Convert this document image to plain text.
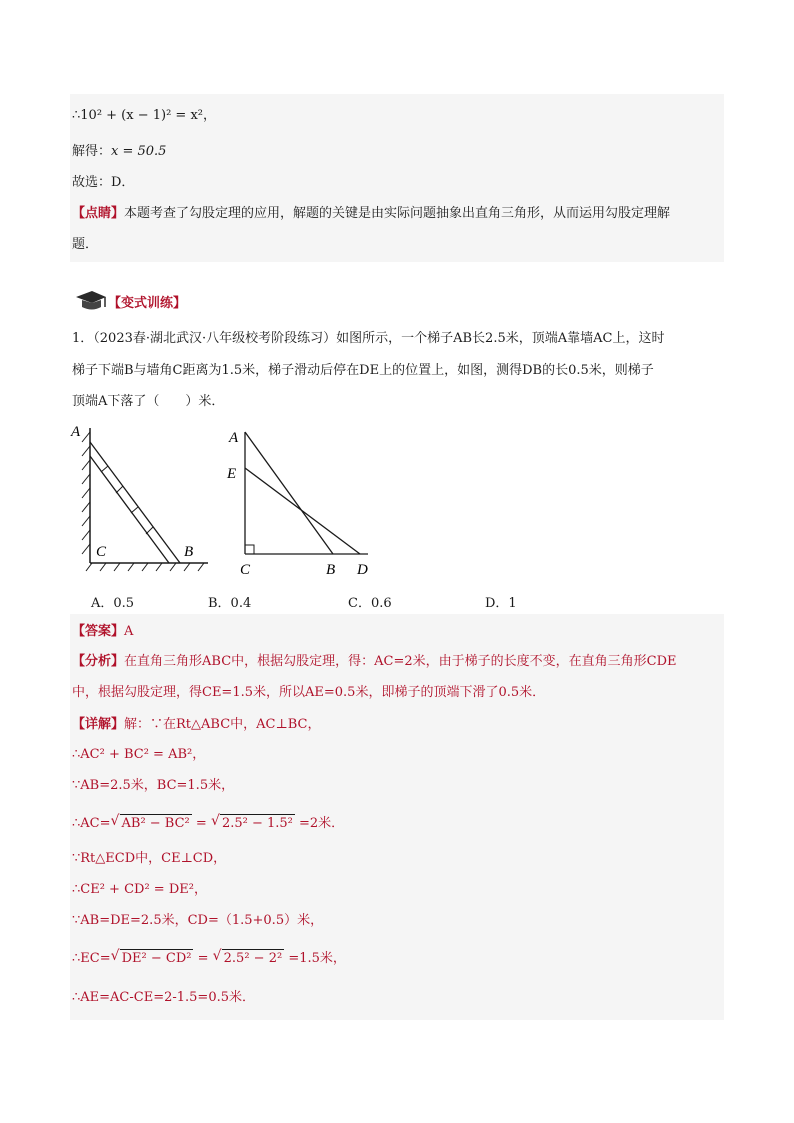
∴10² + (x − 1)² = x²，
解得：x = 50.5
故选：D．
【点睛】本题考查了勾股定理的应用，解题的关键是由实际问题抽象出直角三角形，从而运用勾股定理解
题．
【变式训练】
1．（2023春·湖北武汉·八年级校考阶段练习）如图所示，一个梯子AB长2.5米，顶端A靠墙AC上，这时
梯子下端B与墙角C距离为1.5米，梯子滑动后停在DE上的位置上，如图，测得DB的长0.5米，则梯子
顶端A下落了（　　）米．
A
C	B
A
E
C	B D
A．0.5	B．0.4	C．0.6	D．1
【答案】A
【分析】在直角三角形ABC中，根据勾股定理，得：AC=2米，由于梯子的长度不变，在直角三角形CDE
中，根据勾股定理，得CE=1.5米，所以AE=0.5米，即梯子的顶端下滑了0.5米．
【详解】解：∵在Rt△ABC中，AC⊥BC，
∴AC² + BC² = AB²，
∵AB=2.5米，BC=1.5米，
∴AC= √ AB² − BC² = √ 2.5² − 1.5² =2米．
∵Rt△ECD中，CE⊥CD，
∴CE² + CD² = DE²，
∵AB=DE=2.5米，CD=（1.5+0.5）米，
∴EC= √ DE² − CD² = √ 2.5² − 2² =1.5米，
∴AE=AC-CE=2-1.5=0.5米．
